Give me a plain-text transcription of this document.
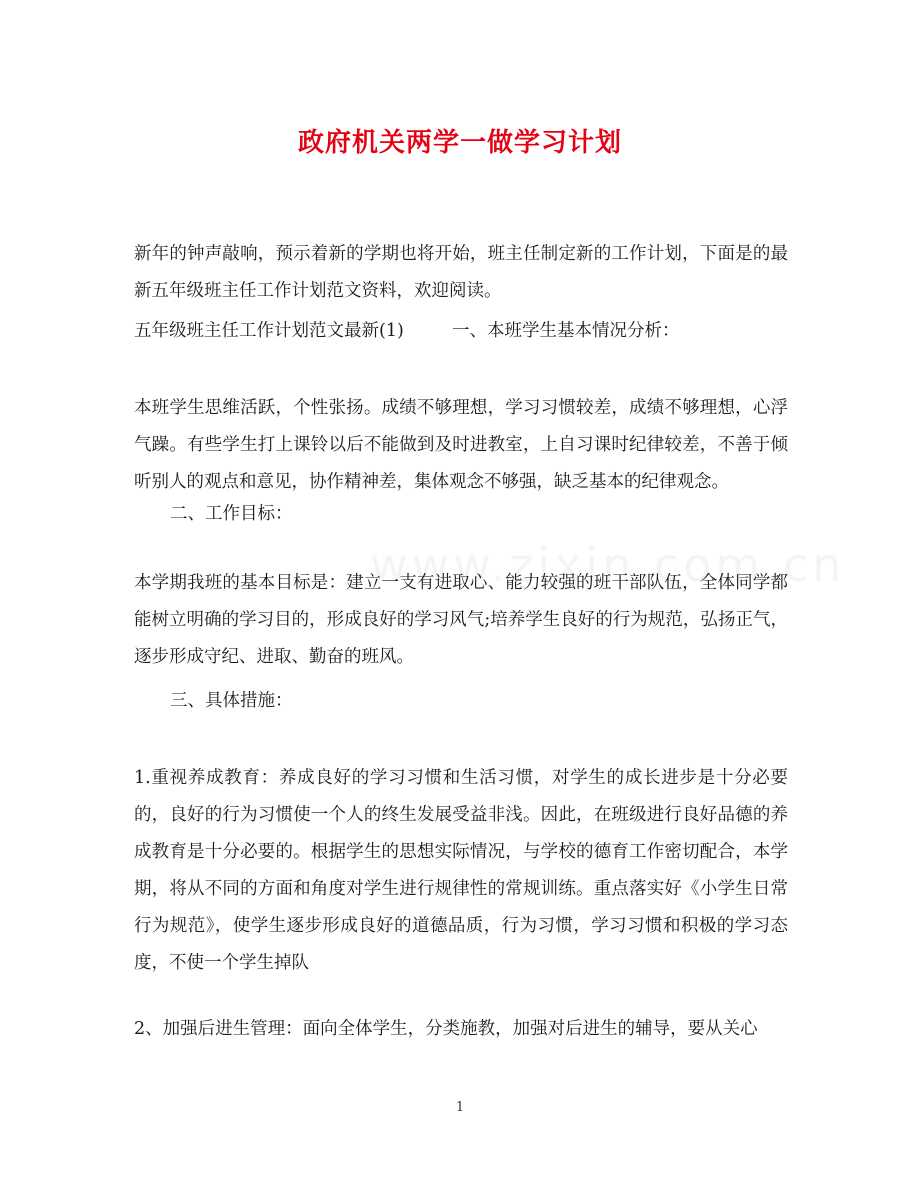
政府机关两学一做学习计划
新年的钟声敲响，预示着新的学期也将开始，班主任制定新的工作计划，下面是的最新五年级班主任工作计划范文资料，欢迎阅读。
五年级班主任工作计划范文最新(1)	一、本班学生基本情况分析：
本班学生思维活跃，个性张扬。成绩不够理想，学习习惯较差，成绩不够理想，心浮气躁。有些学生打上课铃以后不能做到及时进教室，上自习课时纪律较差，不善于倾听别人的观点和意见，协作精神差，集体观念不够强，缺乏基本的纪律观念。
二、工作目标：
本学期我班的基本目标是：建立一支有进取心、能力较强的班干部队伍，全体同学都能树立明确的学习目的，形成良好的学习风气;培养学生良好的行为规范，弘扬正气，逐步形成守纪、进取、勤奋的班风。
三、具体措施：
1.重视养成教育：养成良好的学习习惯和生活习惯，对学生的成长进步是十分必要的，良好的行为习惯使一个人的终生发展受益非浅。因此，在班级进行良好品德的养成教育是十分必要的。根据学生的思想实际情况，与学校的德育工作密切配合，本学期，将从不同的方面和角度对学生进行规律性的常规训练。重点落实好《小学生日常行为规范》，使学生逐步形成良好的道德品质，行为习惯，学习习惯和积极的学习态度，不使一个学生掉队
2、加强后进生管理：面向全体学生，分类施教，加强对后进生的辅导，要从关心
1
